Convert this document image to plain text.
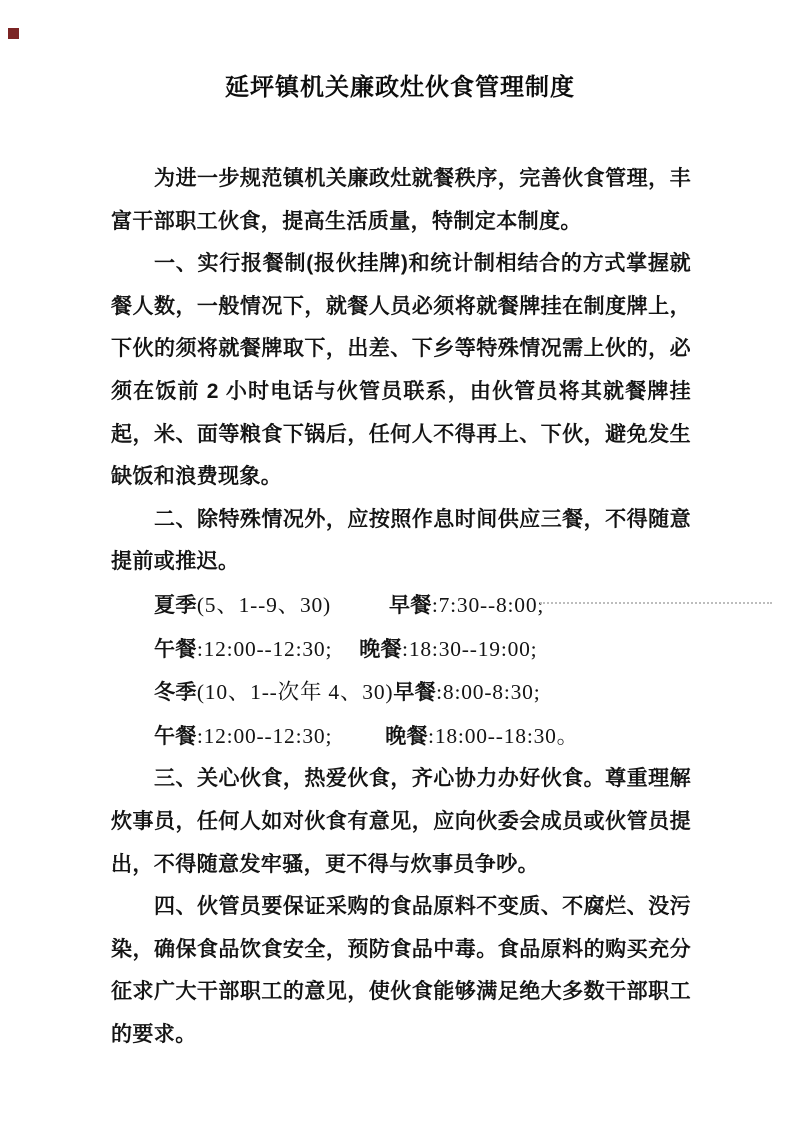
延坪镇机关廉政灶伙食管理制度

为进一步规范镇机关廉政灶就餐秩序，完善伙食管理，丰富干部职工伙食，提高生活质量，特制定本制度。

一、实行报餐制(报伙挂牌)和统计制相结合的方式掌握就餐人数，一般情况下，就餐人员必须将就餐牌挂在制度牌上，下伙的须将就餐牌取下，出差、下乡等特殊情况需上伙的，必须在饭前 2 小时电话与伙管员联系，由伙管员将其就餐牌挂起，米、面等粮食下锅后，任何人不得再上、下伙，避免发生缺饭和浪费现象。

二、除特殊情况外，应按照作息时间供应三餐，不得随意提前或推迟。

夏季(5、1--9、30)	早餐:7:30--8:00;

午餐:12:00--12:30; 晚餐:18:30--19:00;

冬季(10、1--次年 4、30)早餐:8:00-8:30;

午餐:12:00--12:30;	晚餐:18:00--18:30。

三、关心伙食，热爱伙食，齐心协力办好伙食。尊重理解炊事员，任何人如对伙食有意见，应向伙委会成员或伙管员提出，不得随意发牢骚，更不得与炊事员争吵。

四、伙管员要保证采购的食品原料不变质、不腐烂、没污染，确保食品饮食安全，预防食品中毒。食品原料的购买充分征求广大干部职工的意见，使伙食能够满足绝大多数干部职工的要求。
